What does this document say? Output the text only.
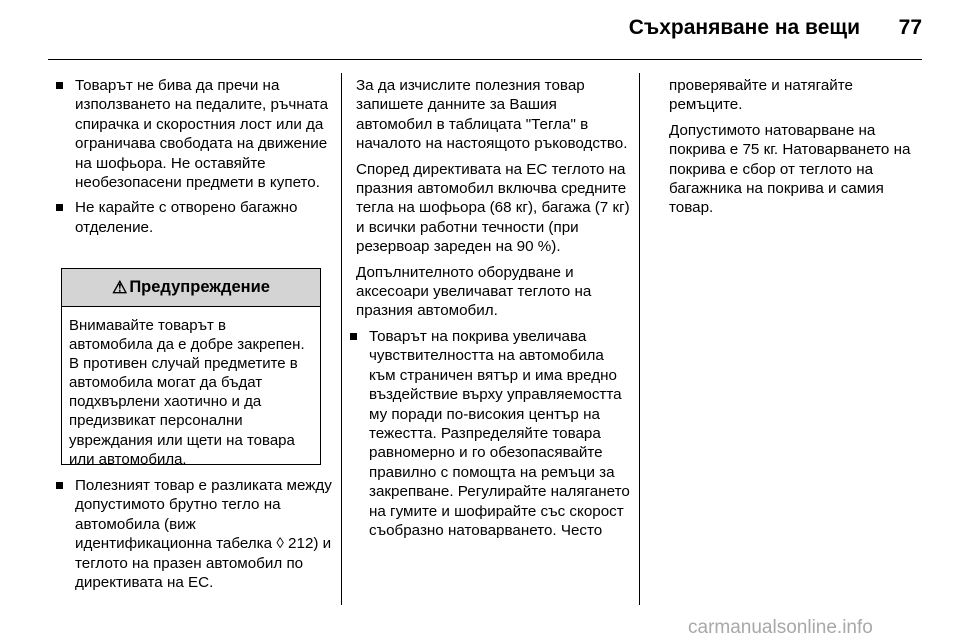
Съхраняване на вещи	77
Товарът не бива да пречи на използването на педалите, ръчната спирачка и скоростния лост или да ограничава свободата на движение на шофьора. Не оставяйте необезопасени предмети в купето.
Не карайте с отворено багажно отделение.
⚠ Предупреждение
Внимавайте товарът в автомобила да е добре закрепен. В противен случай предметите в автомобила могат да бъдат подхвърлени хаотично и да предизвикат персонални увреждания или щети на товара или автомобила.
Полезният товар е разликата между допустимото брутно тегло на автомобила (виж идентификационна табелка ◊ 212) и теглото на празен автомобил по директивата на ЕС.

За да изчислите полезния товар запишете данните за Вашия автомобил в таблицата "Тегла" в началото на настоящото ръководство.

Според директивата на ЕС теглото на празния автомобил включва средните тегла на шофьора (68 кг), багажа (7 кг) и всички работни течности (при резервоар зареден на 90 %).

Допълнителното оборудване и аксесоари увеличават теглото на празния автомобил.

Товарът на покрива увеличава чувствителността на автомобила към страничен вятър и има вредно въздействие върху управляемостта му поради по-високия център на тежестта. Разпределяйте товара равномерно и го обезопасявайте правилно с помощта на ремъци за закрепване. Регулирайте налягането на гумите и шофирайте със скорост съобразно натоварването. Често

проверявайте и натягайте ремъците.

Допустимото натоварване на покрива е 75 кг. Натоварването на покрива е сбор от теглото на багажника на покрива и самия товар.

carmanualsonline.info
